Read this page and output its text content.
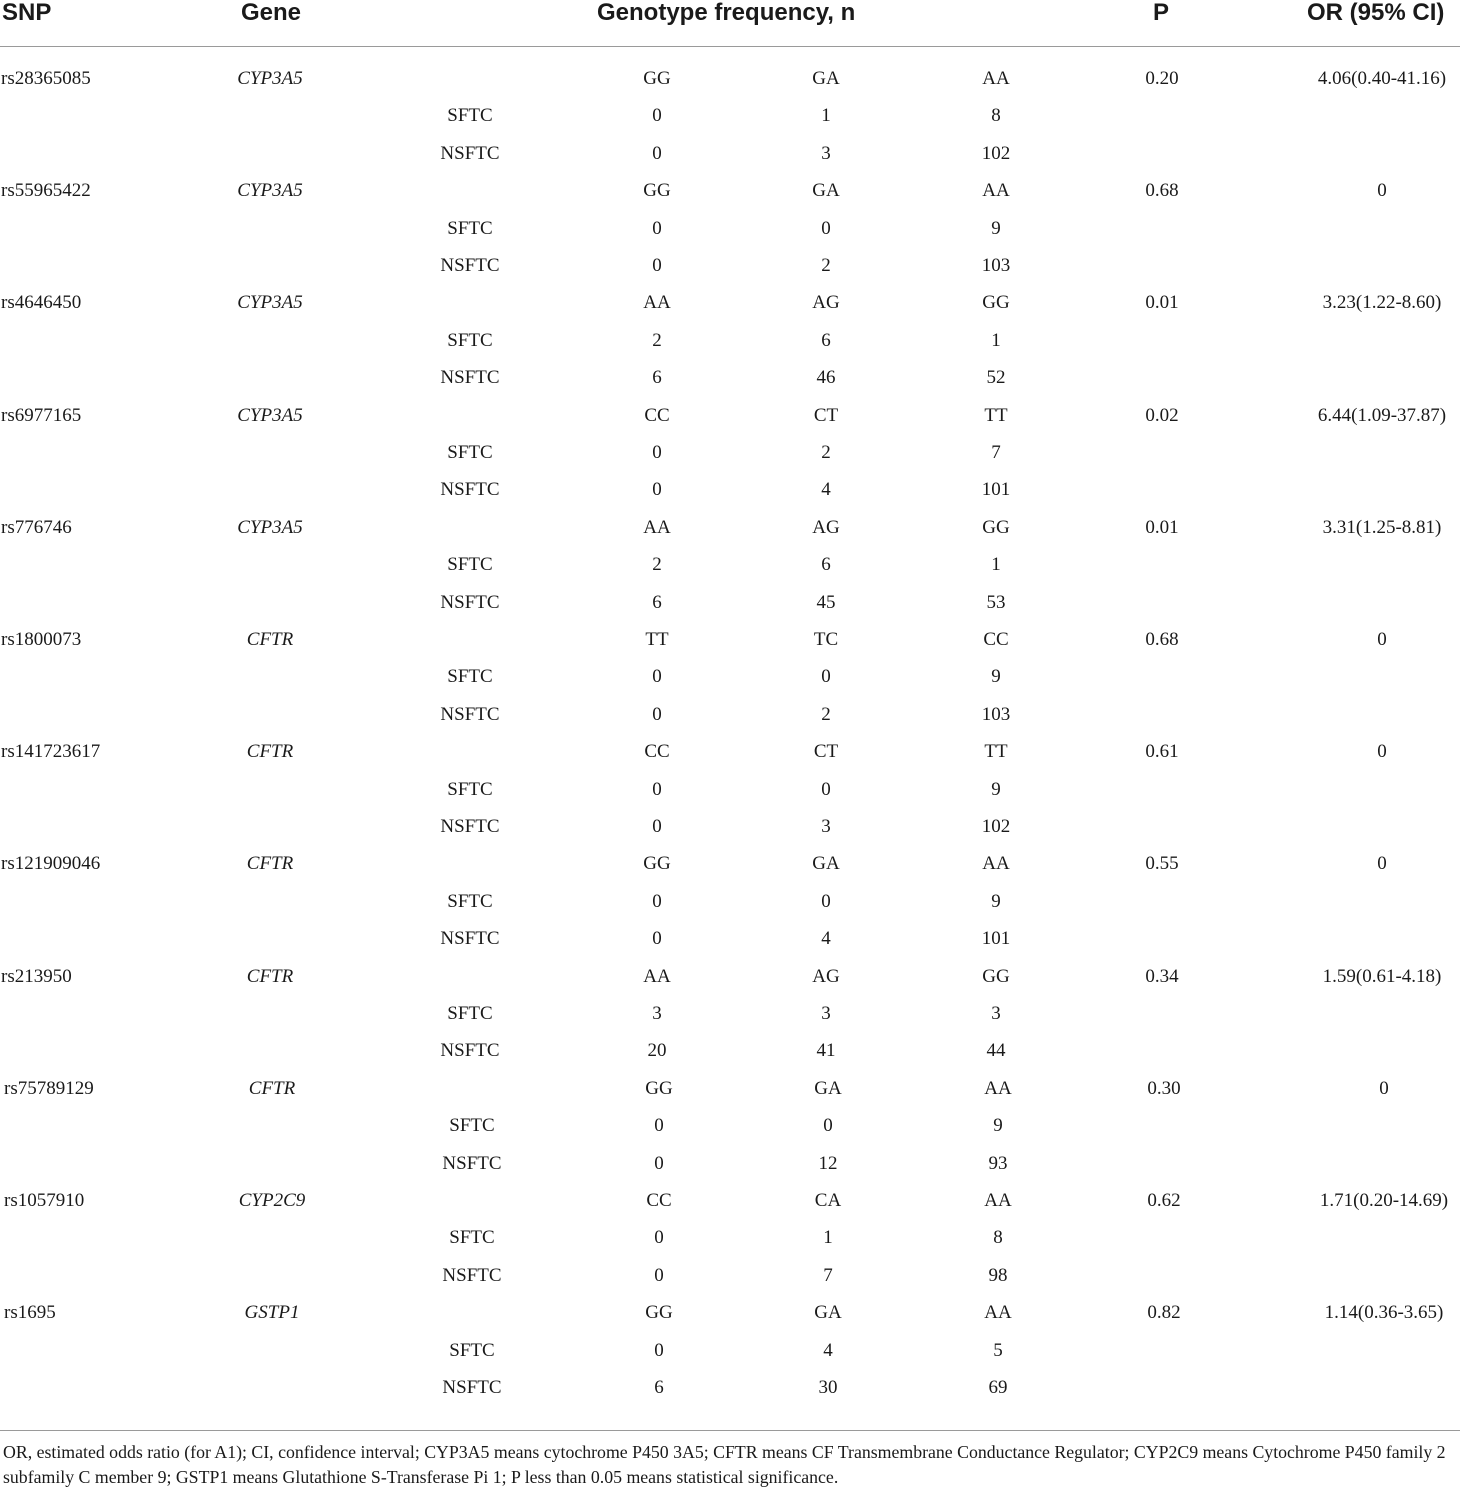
SNP	Gene	Genotype frequency, n	P	OR (95% CI)
rs28365085	CYP3A5	GG	GA	AA	0.20	4.06(0.40-41.16)
SFTC	0	1	8
NSFTC	0	3	102
rs55965422	CYP3A5	GG	GA	AA	0.68	0
SFTC	0	0	9
NSFTC	0	2	103
rs4646450	CYP3A5	AA	AG	GG	0.01	3.23(1.22-8.60)
SFTC	2	6	1
NSFTC	6	46	52
rs6977165	CYP3A5	CC	CT	TT	0.02	6.44(1.09-37.87)
SFTC	0	2	7
NSFTC	0	4	101
rs776746	CYP3A5	AA	AG	GG	0.01	3.31(1.25-8.81)
SFTC	2	6	1
NSFTC	6	45	53
rs1800073	CFTR	TT	TC	CC	0.68	0
SFTC	0	0	9
NSFTC	0	2	103
rs141723617	CFTR	CC	CT	TT	0.61	0
SFTC	0	0	9
NSFTC	0	3	102
rs121909046	CFTR	GG	GA	AA	0.55	0
SFTC	0	0	9
NSFTC	0	4	101
rs213950	CFTR	AA	AG	GG	0.34	1.59(0.61-4.18)
SFTC	3	3	3
NSFTC	20	41	44
rs75789129	CFTR	GG	GA	AA	0.30	0
SFTC	0	0	9
NSFTC	0	12	93
rs1057910	CYP2C9	CC	CA	AA	0.62	1.71(0.20-14.69)
SFTC	0	1	8
NSFTC	0	7	98
rs1695	GSTP1	GG	GA	AA	0.82	1.14(0.36-3.65)
SFTC	0	4	5
NSFTC	6	30	69
OR, estimated odds ratio (for A1); CI, confidence interval; CYP3A5 means cytochrome P450 3A5; CFTR means CF Transmembrane Conductance Regulator; CYP2C9 means Cytochrome P450 family 2 subfamily C member 9; GSTP1 means Glutathione S-Transferase Pi 1; P less than 0.05 means statistical significance.
